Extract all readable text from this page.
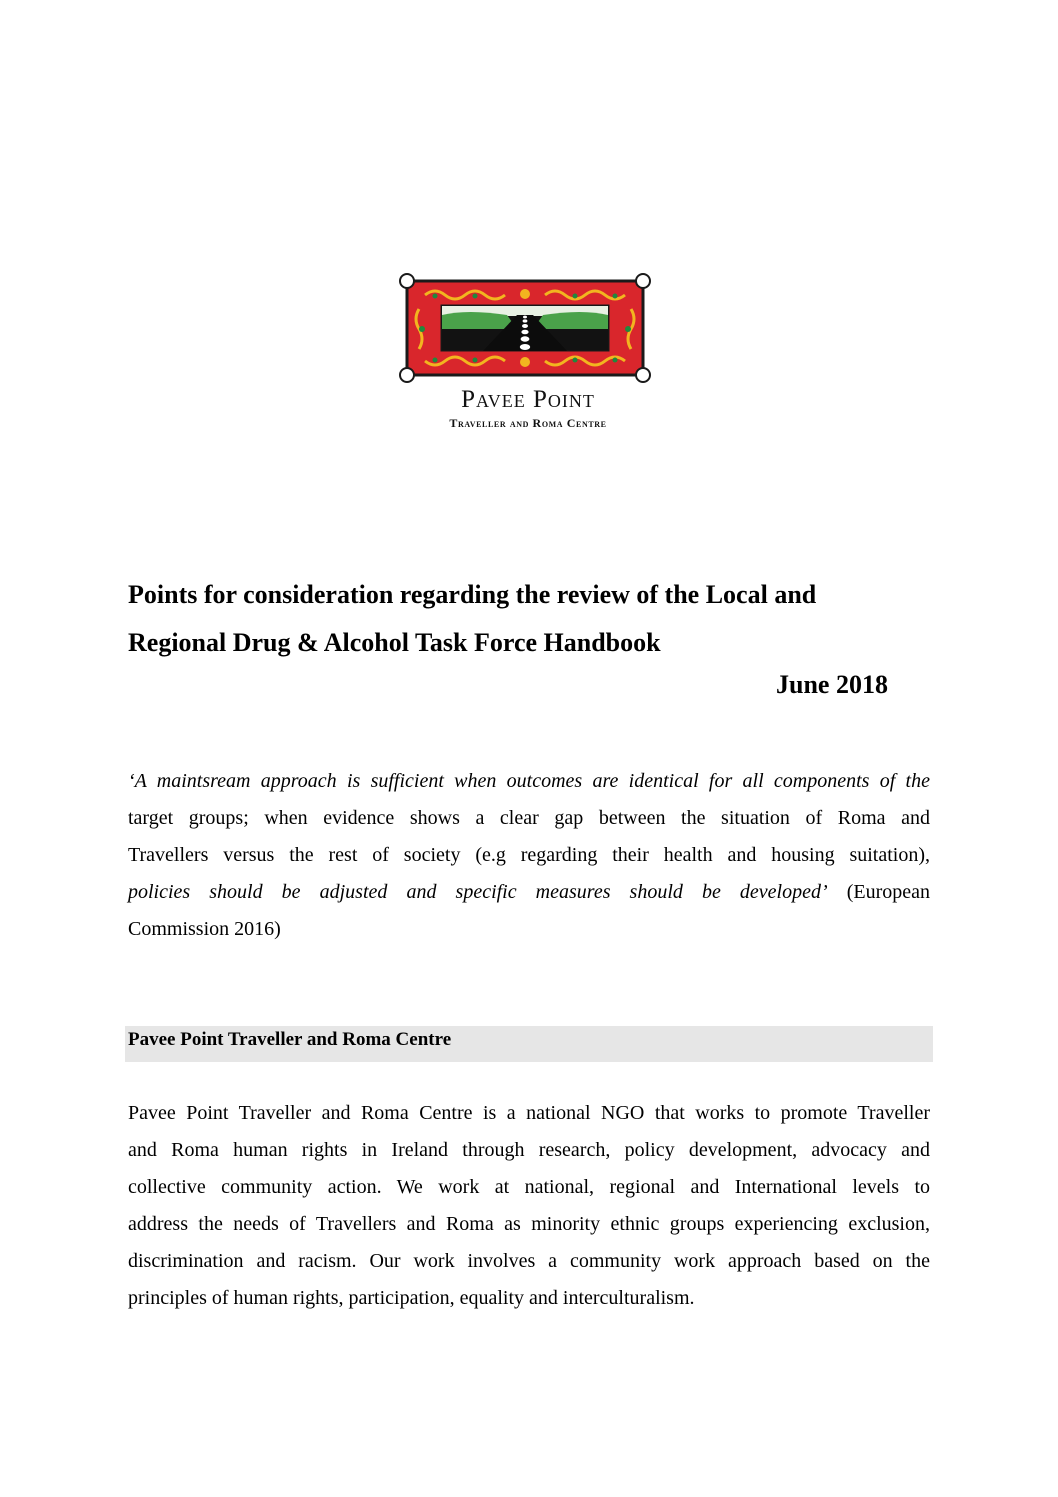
Pavee Point
Traveller and Roma Centre
Points for consideration regarding the review of the Local and
Regional Drug & Alcohol Task Force Handbook
June 2018
‘A maintsream approach is sufficient when outcomes are identical for all components of the
target groups; when evidence shows a clear gap between the situation of Roma and
Travellers versus the rest of society (e.g regarding their health and housing suitation),
policies should be adjusted and specific measures should be developed’ (European
Commission 2016)
Pavee Point Traveller and Roma Centre
Pavee Point Traveller and Roma Centre is a national NGO that works to promote Traveller
and Roma human rights in Ireland through research, policy development, advocacy and
collective community action. We work at national, regional and International levels to
address the needs of Travellers and Roma as minority ethnic groups experiencing exclusion,
discrimination and racism. Our work involves a community work approach based on the
principles of human rights, participation, equality and interculturalism.
